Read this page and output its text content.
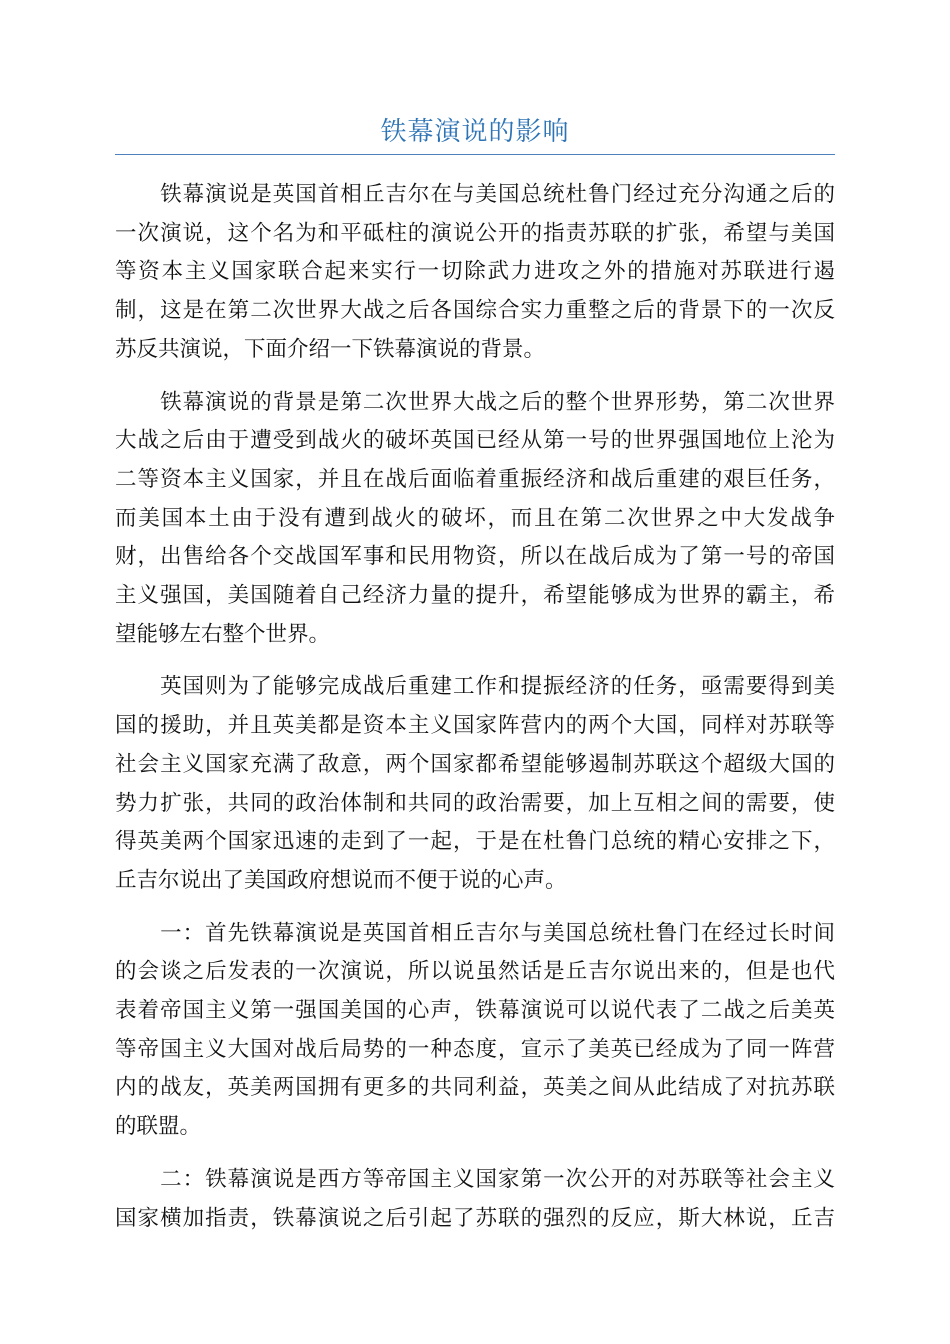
铁幕演说的影响
　　铁幕演说是英国首相丘吉尔在与美国总统杜鲁门经过充分沟通之后的
一次演说，这个名为和平砥柱的演说公开的指责苏联的扩张，希望与美国
等资本主义国家联合起来实行一切除武力进攻之外的措施对苏联进行遏
制，这是在第二次世界大战之后各国综合实力重整之后的背景下的一次反
苏反共演说，下面介绍一下铁幕演说的背景。
　　铁幕演说的背景是第二次世界大战之后的整个世界形势，第二次世界
大战之后由于遭受到战火的破坏英国已经从第一号的世界强国地位上沦为
二等资本主义国家，并且在战后面临着重振经济和战后重建的艰巨任务，
而美国本土由于没有遭到战火的破坏，而且在第二次世界之中大发战争
财，出售给各个交战国军事和民用物资，所以在战后成为了第一号的帝国
主义强国，美国随着自己经济力量的提升，希望能够成为世界的霸主，希
望能够左右整个世界。
　　英国则为了能够完成战后重建工作和提振经济的任务，亟需要得到美
国的援助，并且英美都是资本主义国家阵营内的两个大国，同样对苏联等
社会主义国家充满了敌意，两个国家都希望能够遏制苏联这个超级大国的
势力扩张，共同的政治体制和共同的政治需要，加上互相之间的需要，使
得英美两个国家迅速的走到了一起，于是在杜鲁门总统的精心安排之下，
丘吉尔说出了美国政府想说而不便于说的心声。
　　一：首先铁幕演说是英国首相丘吉尔与美国总统杜鲁门在经过长时间
的会谈之后发表的一次演说，所以说虽然话是丘吉尔说出来的，但是也代
表着帝国主义第一强国美国的心声，铁幕演说可以说代表了二战之后美英
等帝国主义大国对战后局势的一种态度，宣示了美英已经成为了同一阵营
内的战友，英美两国拥有更多的共同利益，英美之间从此结成了对抗苏联
的联盟。
　　二：铁幕演说是西方等帝国主义国家第一次公开的对苏联等社会主义
国家横加指责，铁幕演说之后引起了苏联的强烈的反应，斯大林说，丘吉
